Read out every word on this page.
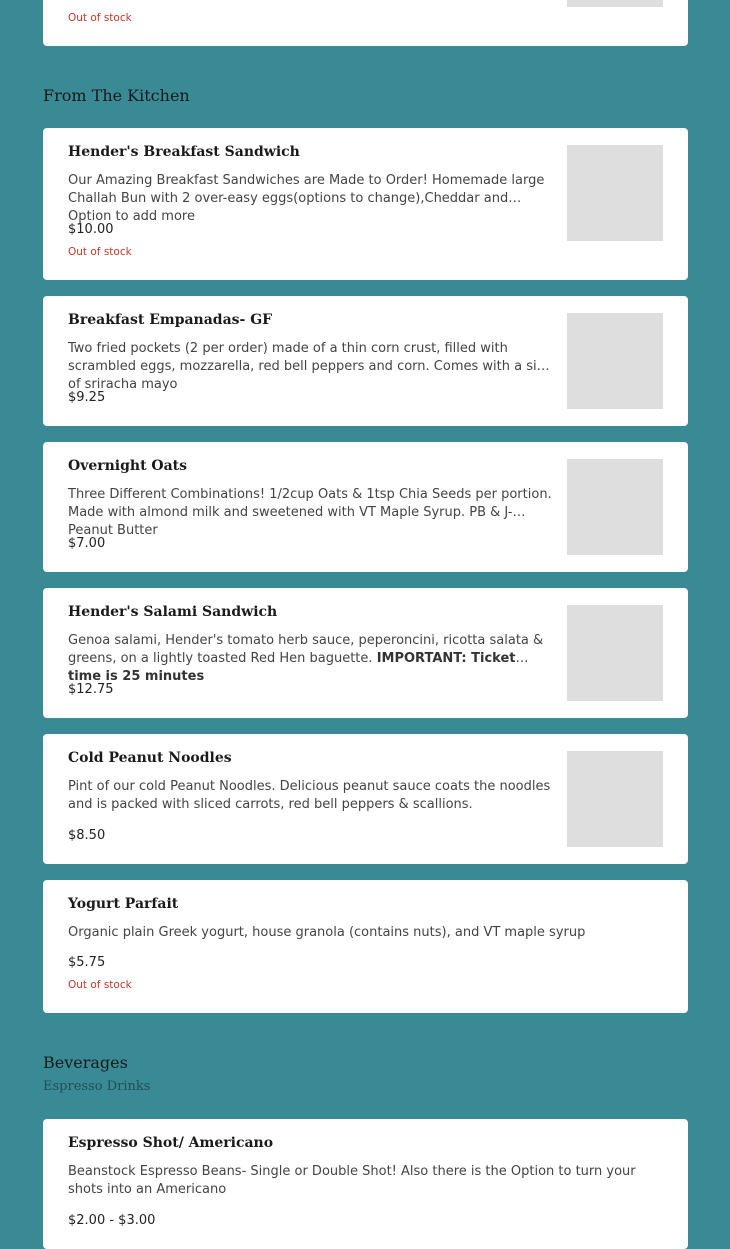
Out of stock
From The Kitchen
Hender's Breakfast Sandwich
Our Amazing Breakfast Sandwiches are Made to Order! Homemade large Challah Bun with 2 over-easy eggs(options to change),Cheddar and Option to add more
$10.00
Out of stock
Breakfast Empanadas- GF
Two fried pockets (2 per order) made of a thin corn crust, filled with scrambled eggs, mozzarella, red bell peppers and corn. Comes with a side of sriracha mayo
$9.25
Overnight Oats
Three Different Combinations! 1/2cup Oats & 1tsp Chia Seeds per portion. Made with almond milk and sweetened with VT Maple Syrup. PB & J- Peanut Butter
$7.00
Hender's Salami Sandwich
Genoa salami, Hender's tomato herb sauce, peperoncini, ricotta salata & greens, on a lightly toasted Red Hen baguette. IMPORTANT: Ticket time is 25 minutes
$12.75
Cold Peanut Noodles
Pint of our cold Peanut Noodles. Delicious peanut sauce coats the noodles and is packed with sliced carrots, red bell peppers & scallions.
$8.50
Yogurt Parfait
Organic plain Greek yogurt, house granola (contains nuts), and VT maple syrup
$5.75
Out of stock
Beverages
Espresso Drinks
Espresso Shot/ Americano
Beanstock Espresso Beans- Single or Double Shot! Also there is the Option to turn your shots into an Americano
$2.00 - $3.00
